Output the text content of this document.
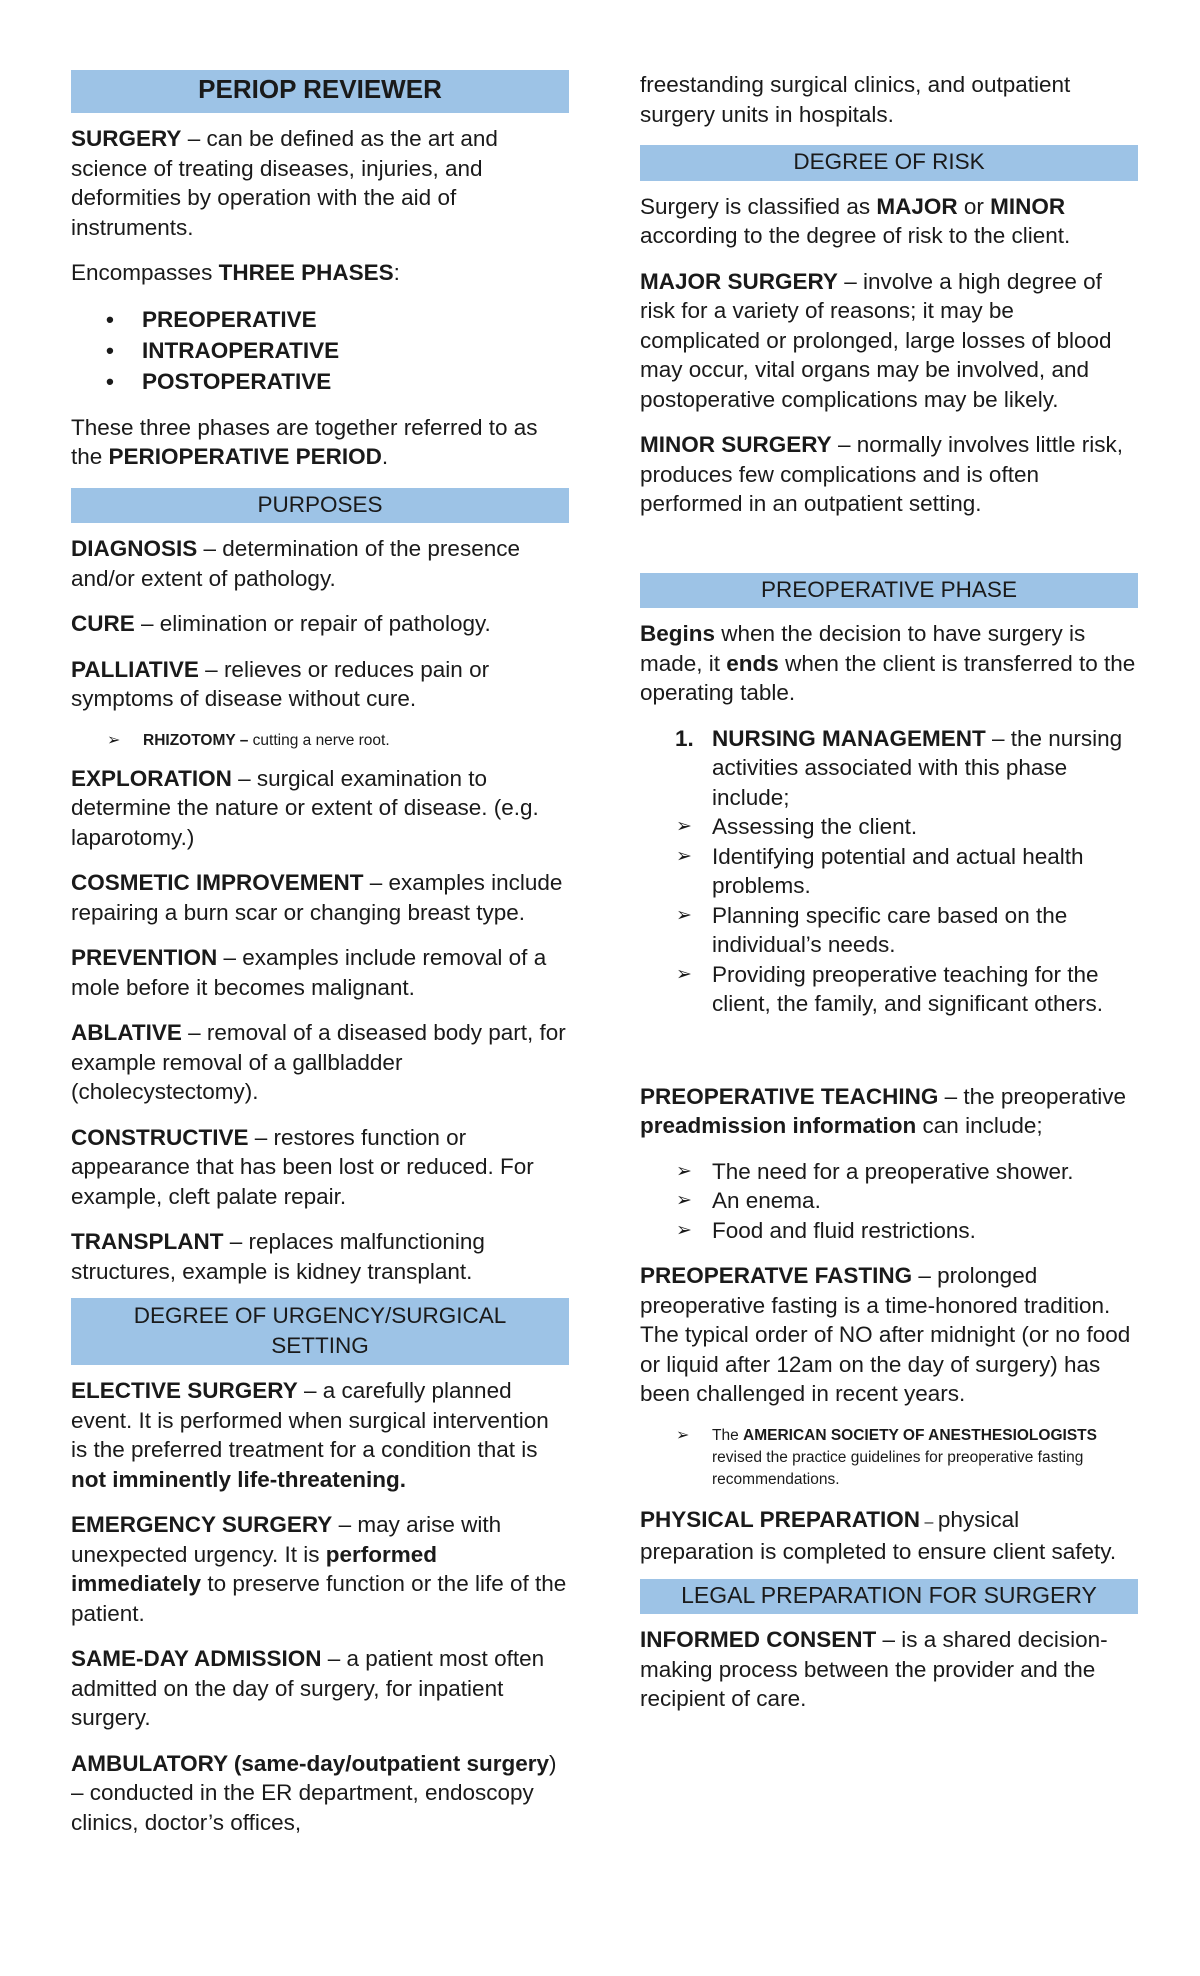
PERIOP REVIEWER

SURGERY – can be defined as the art and science of treating diseases, injuries, and deformities by operation with the aid of instruments.

Encompasses THREE PHASES:

• PREOPERATIVE
• INTRAOPERATIVE
• POSTOPERATIVE

These three phases are together referred to as the PERIOPERATIVE PERIOD.

PURPOSES

DIAGNOSIS – determination of the presence and/or extent of pathology.

CURE – elimination or repair of pathology.

PALLIATIVE – relieves or reduces pain or symptoms of disease without cure.

➢ RHIZOTOMY – cutting a nerve root.

EXPLORATION – surgical examination to determine the nature or extent of disease. (e.g. laparotomy.)

COSMETIC IMPROVEMENT – examples include repairing a burn scar or changing breast type.

PREVENTION – examples include removal of a mole before it becomes malignant.

ABLATIVE – removal of a diseased body part, for example removal of a gallbladder (cholecystectomy).

CONSTRUCTIVE – restores function or appearance that has been lost or reduced. For example, cleft palate repair.

TRANSPLANT – replaces malfunctioning structures, example is kidney transplant.

DEGREE OF URGENCY/SURGICAL SETTING

ELECTIVE SURGERY – a carefully planned event. It is performed when surgical intervention is the preferred treatment for a condition that is not imminently life-threatening.

EMERGENCY SURGERY – may arise with unexpected urgency. It is performed immediately to preserve function or the life of the patient.

SAME-DAY ADMISSION – a patient most often admitted on the day of surgery, for inpatient surgery.

AMBULATORY (same-day/outpatient surgery) – conducted in the ER department, endoscopy clinics, doctor’s offices,

freestanding surgical clinics, and outpatient surgery units in hospitals.

DEGREE OF RISK

Surgery is classified as MAJOR or MINOR according to the degree of risk to the client.

MAJOR SURGERY – involve a high degree of risk for a variety of reasons; it may be complicated or prolonged, large losses of blood may occur, vital organs may be involved, and postoperative complications may be likely.

MINOR SURGERY – normally involves little risk, produces few complications and is often performed in an outpatient setting.

PREOPERATIVE PHASE

Begins when the decision to have surgery is made, it ends when the client is transferred to the operating table.

1. NURSING MANAGEMENT – the nursing activities associated with this phase include;

➢ Assessing the client.
➢ Identifying potential and actual health problems.
➢ Planning specific care based on the individual’s needs.
➢ Providing preoperative teaching for the client, the family, and significant others.

PREOPERATIVE TEACHING – the preoperative preadmission information can include;

➢ The need for a preoperative shower.
➢ An enema.
➢ Food and fluid restrictions.

PREOPERATVE FASTING – prolonged preoperative fasting is a time-honored tradition. The typical order of NO after midnight (or no food or liquid after 12am on the day of surgery) has been challenged in recent years.

➢ The AMERICAN SOCIETY OF ANESTHESIOLOGISTS revised the practice guidelines for preoperative fasting recommendations.

PHYSICAL PREPARATION – physical preparation is completed to ensure client safety.

LEGAL PREPARATION FOR SURGERY

INFORMED CONSENT – is a shared decision-making process between the provider and the recipient of care.
